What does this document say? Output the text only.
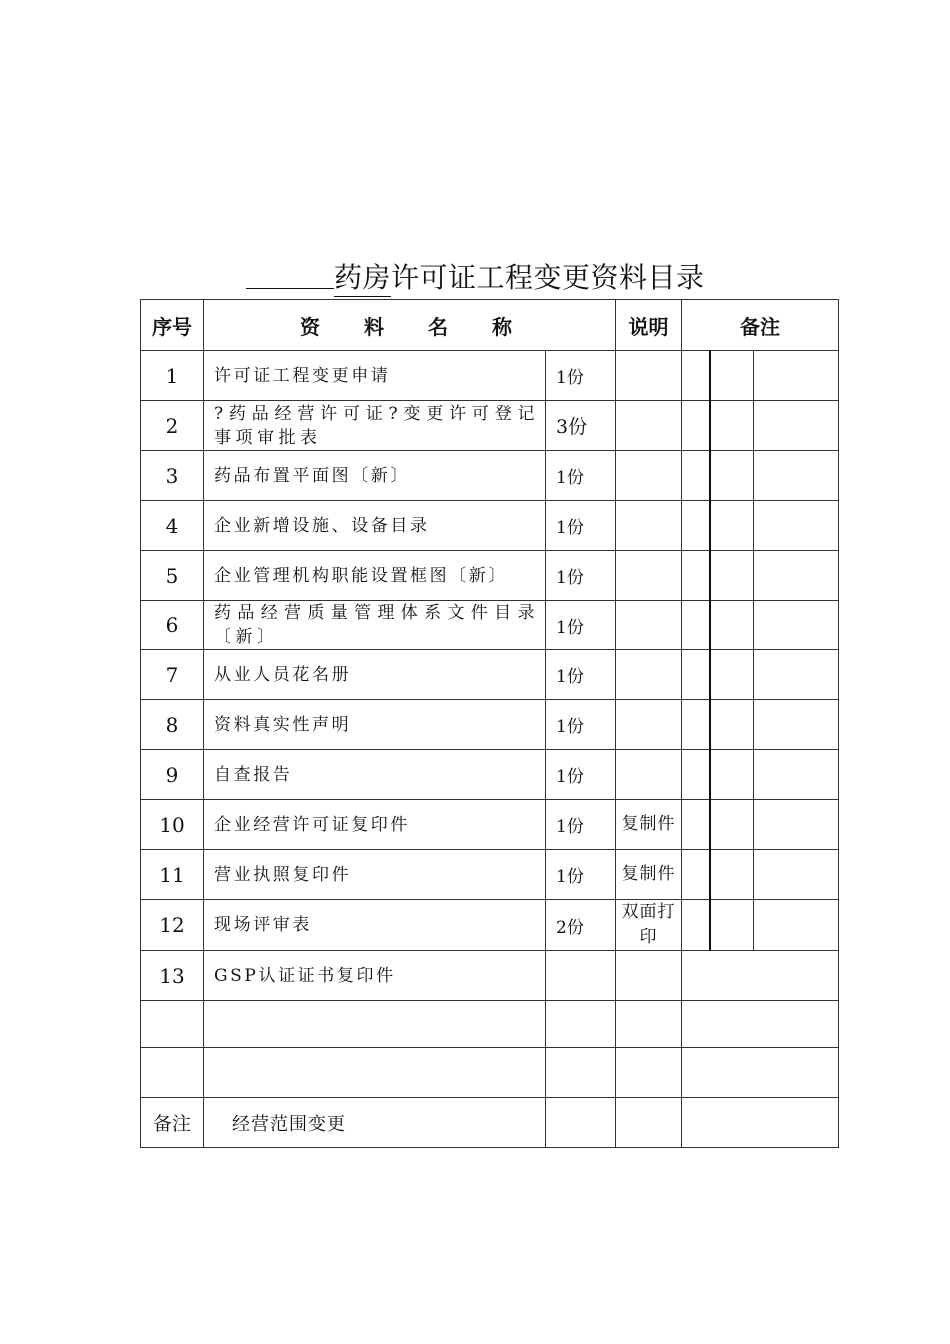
药房许可证工程变更资料目录
序号	资料名称		说明	备注		
1	许可证工程变更申请	1份				
2	?药品经营许可证?变更许可登记事项审批表	3份				
3	药品布置平面图〔新〕	1份				
4	企业新增设施、设备目录	1份				
5	企业管理机构职能设置框图〔新〕	1份				
6	药品经营质量管理体系文件目录〔新〕	1份				
7	从业人员花名册	1份				
8	资料真实性声明	1份				
9	自查报告	1份				
10	企业经营许可证复印件	1份	复制件			
11	营业执照复印件	1份	复制件			
12	现场评审表	2份	双面打印			
13	GSP认证证书复印件					

备注	经营范围变更					
